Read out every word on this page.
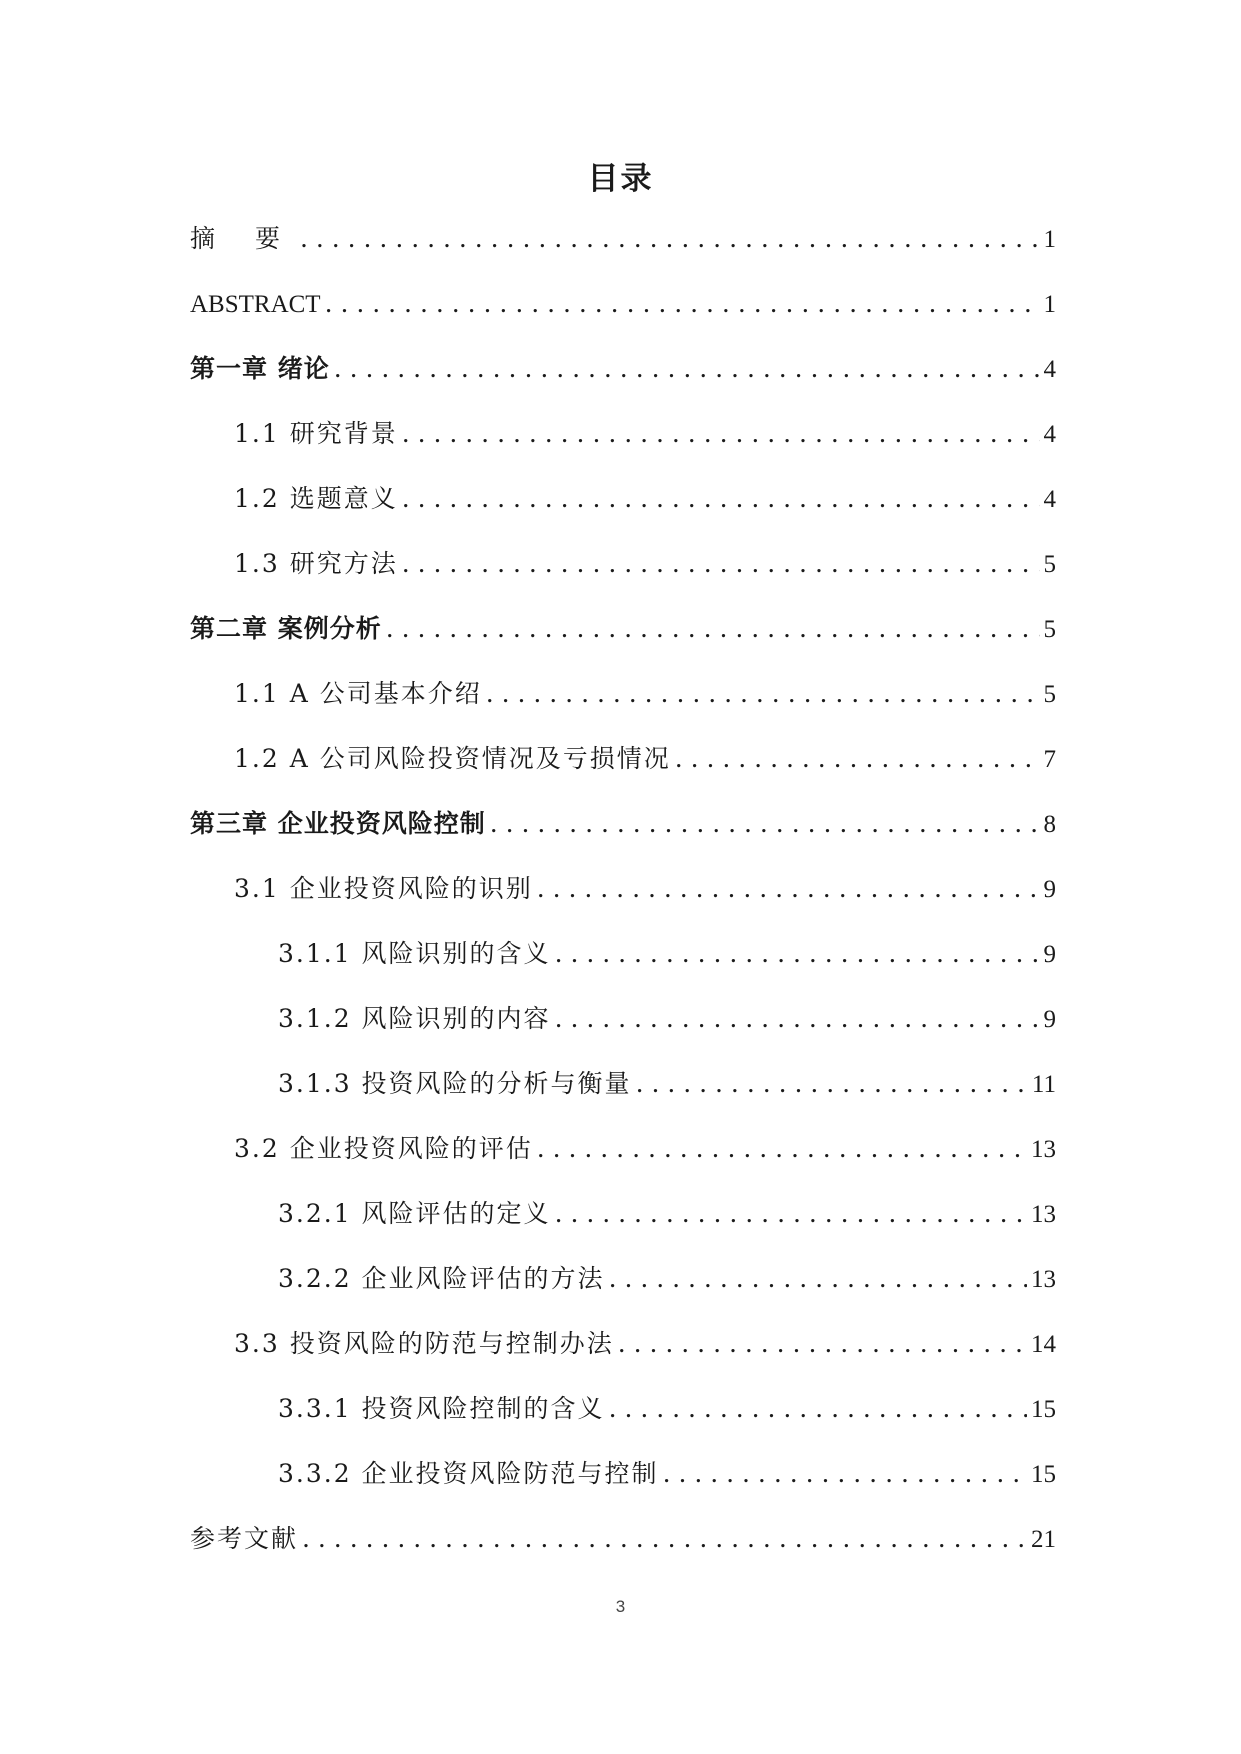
目录
摘 要 . . .	1
ABSTRACT . . .	1
第一章 绪论 . . .	4
1.1 研究背景 . . .	4
1.2 选题意义 . . .	4
1.3 研究方法 . . .	5
第二章 案例分析 . . .	5
1.1 A 公司基本介绍 . . .	5
1.2 A 公司风险投资情况及亏损情况 . . .	7
第三章 企业投资风险控制 . . .	8
3.1 企业投资风险的识别 . . .	9
3.1.1 风险识别的含义 . . .	9
3.1.2 风险识别的内容 . . .	9
3.1.3 投资风险的分析与衡量 . . .	11
3.2 企业投资风险的评估 . . .	13
3.2.1 风险评估的定义 . . .	13
3.2.2 企业风险评估的方法 . . .	13
3.3 投资风险的防范与控制办法 . . .	14
3.3.1 投资风险控制的含义 . . .	15
3.3.2 企业投资风险防范与控制 . . .	15
参考文献 . . .	21
3
